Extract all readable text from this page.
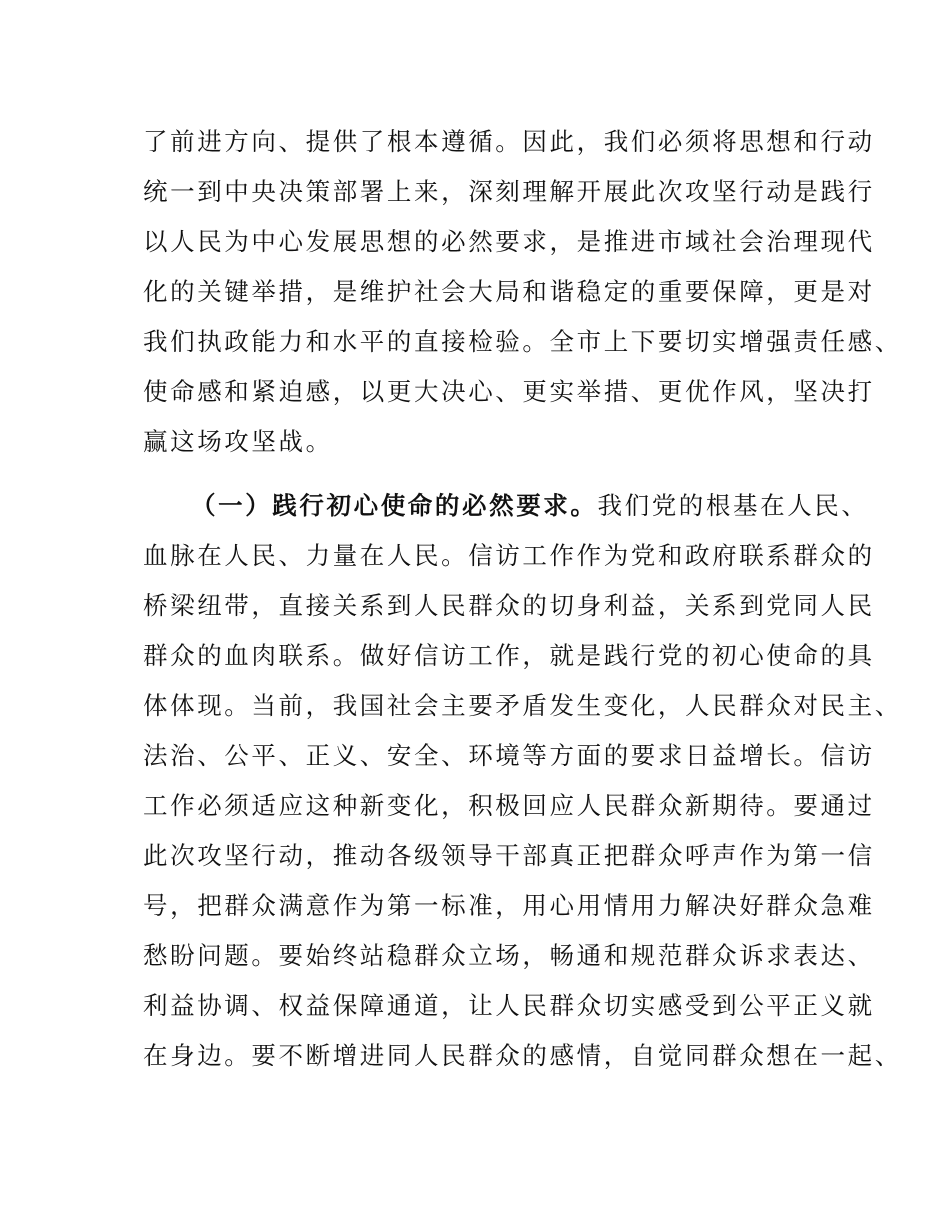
了前进方向、提供了根本遵循。因此，我们必须将思想和行动
统一到中央决策部署上来，深刻理解开展此次攻坚行动是践行
以人民为中心发展思想的必然要求，是推进市域社会治理现代
化的关键举措，是维护社会大局和谐稳定的重要保障，更是对
我们执政能力和水平的直接检验。全市上下要切实增强责任感、
使命感和紧迫感，以更大决心、更实举措、更优作风，坚决打
赢这场攻坚战。
（一）践行初心使命的必然要求。我们党的根基在人民、
血脉在人民、力量在人民。信访工作作为党和政府联系群众的
桥梁纽带，直接关系到人民群众的切身利益，关系到党同人民
群众的血肉联系。做好信访工作，就是践行党的初心使命的具
体体现。当前，我国社会主要矛盾发生变化，人民群众对民主、
法治、公平、正义、安全、环境等方面的要求日益增长。信访
工作必须适应这种新变化，积极回应人民群众新期待。要通过
此次攻坚行动，推动各级领导干部真正把群众呼声作为第一信
号，把群众满意作为第一标准，用心用情用力解决好群众急难
愁盼问题。要始终站稳群众立场，畅通和规范群众诉求表达、
利益协调、权益保障通道，让人民群众切实感受到公平正义就
在身边。要不断增进同人民群众的感情，自觉同群众想在一起、
